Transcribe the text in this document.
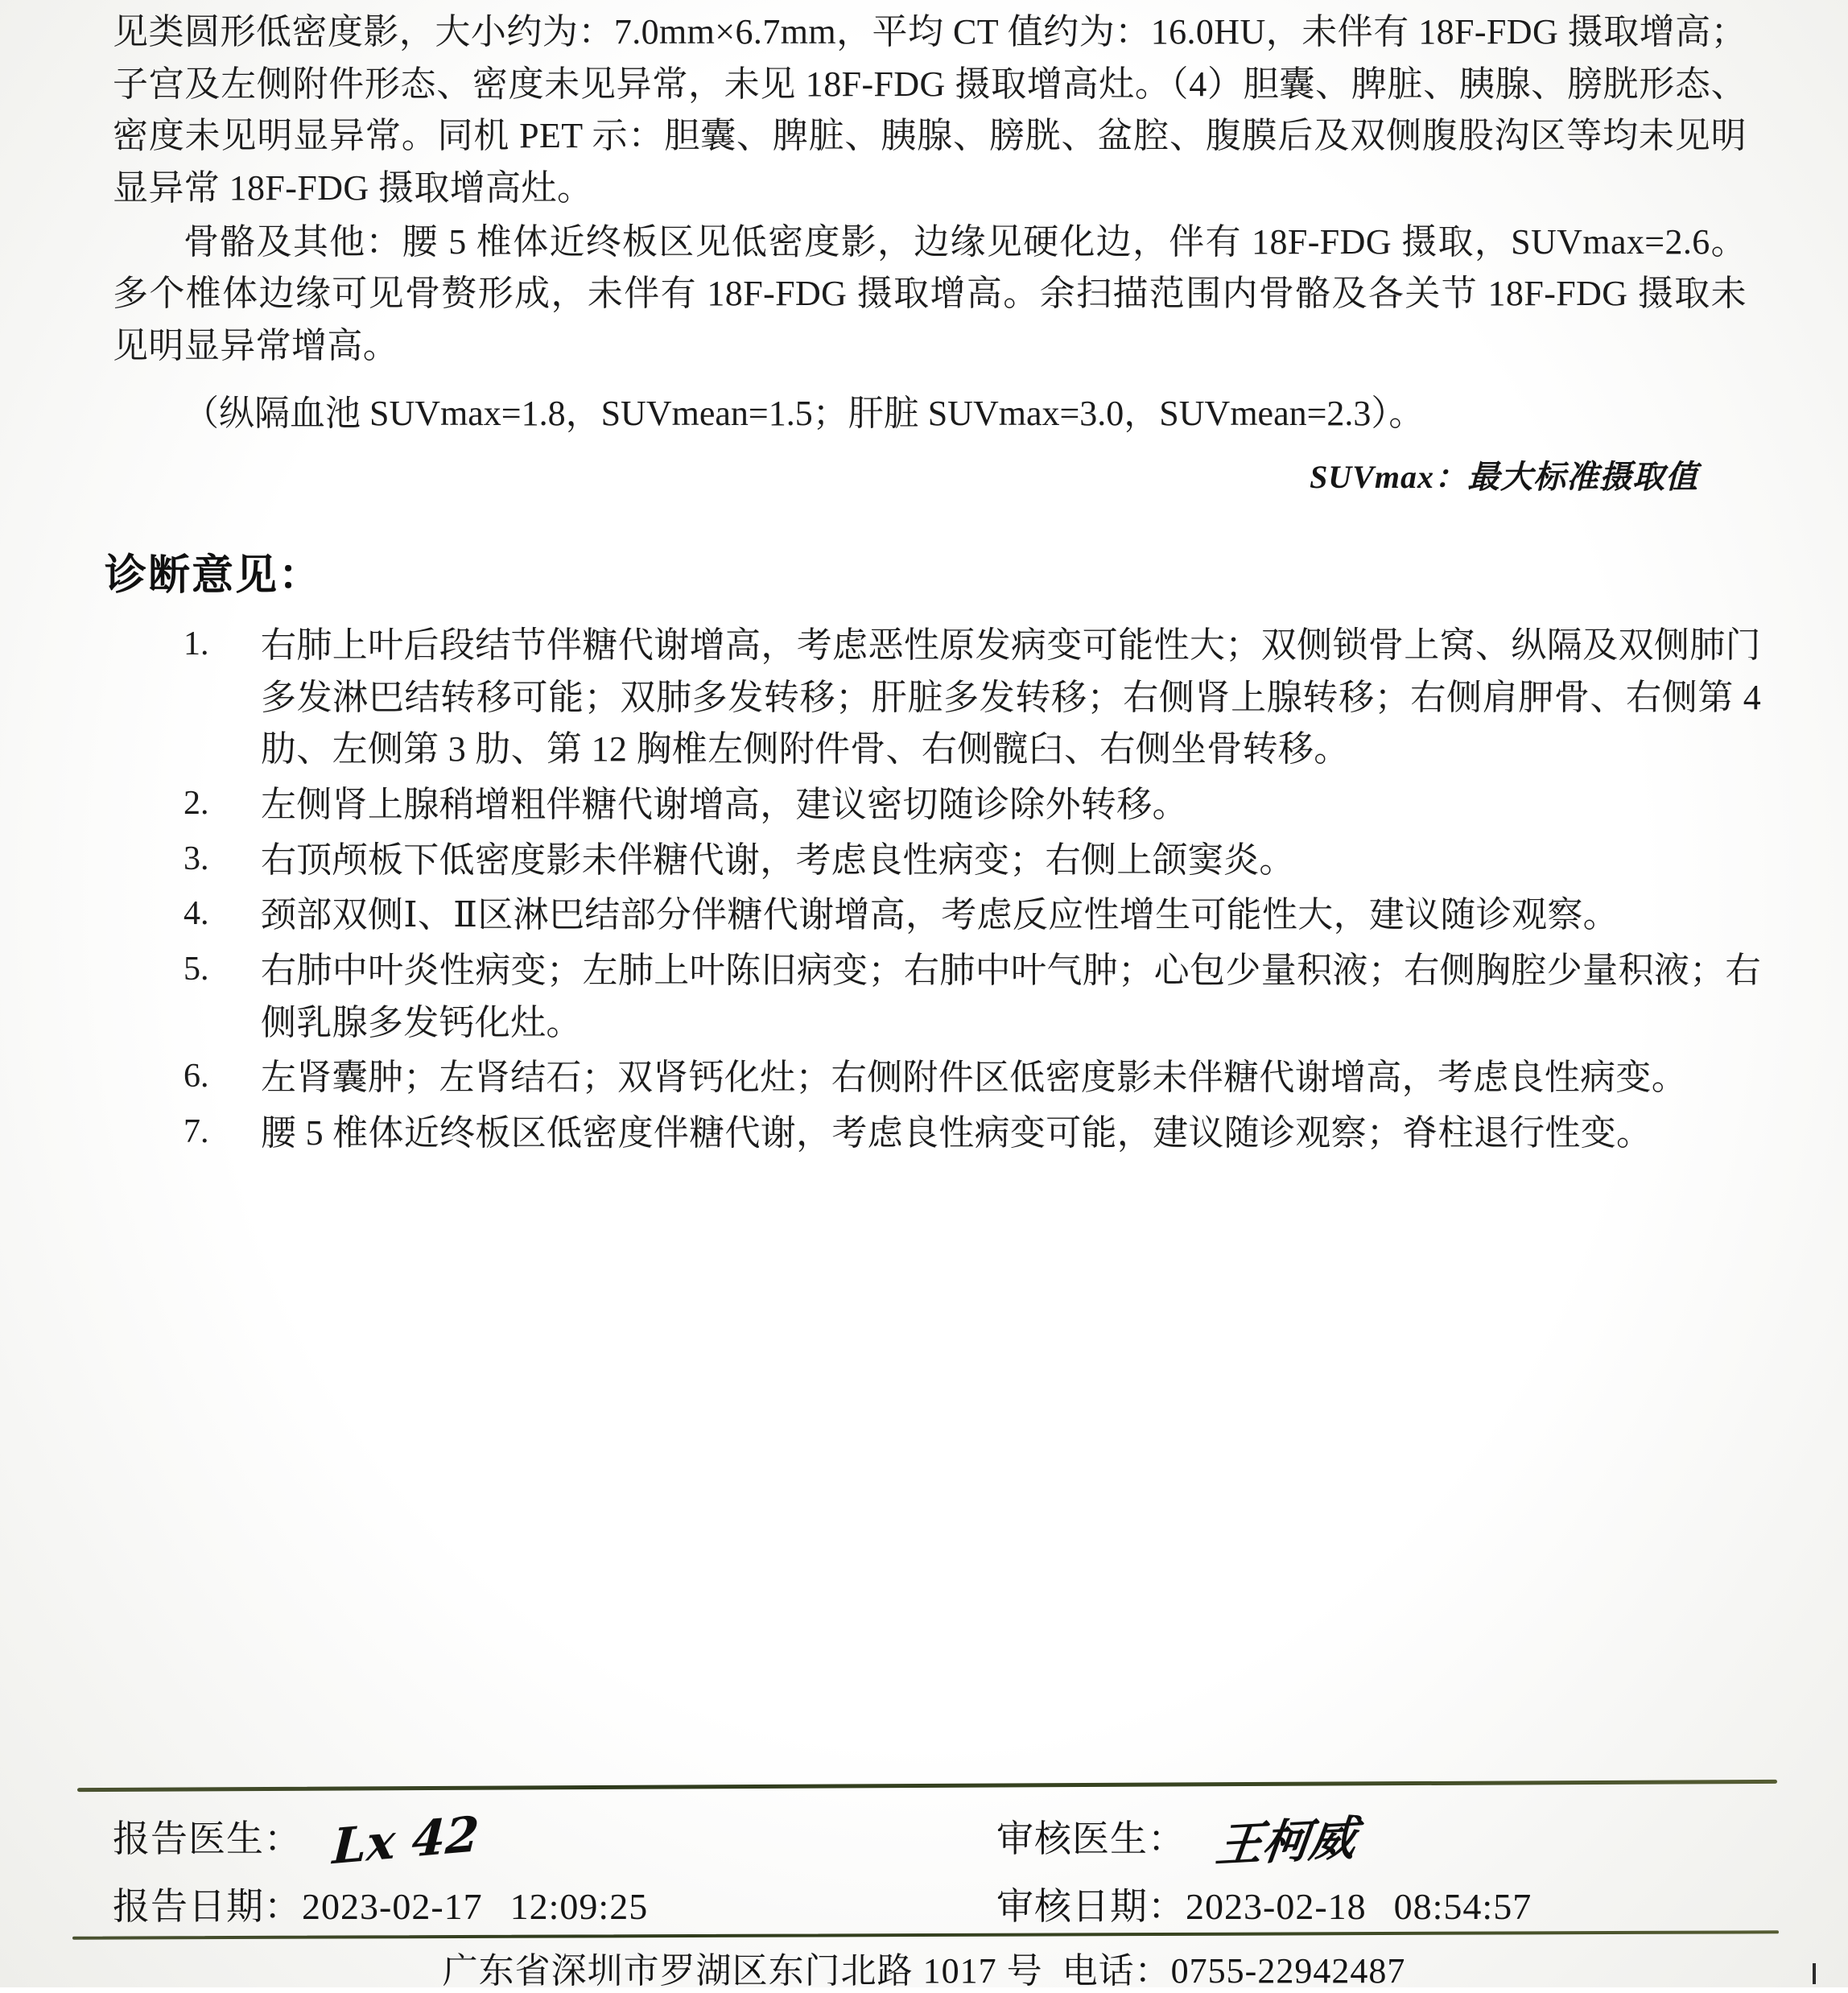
见类圆形低密度影，大小约为：7.0mm×6.7mm，平均 CT 值约为：16.0HU，未伴有 18F-FDG 摄取增高；子宫及左侧附件形态、密度未见异常，未见 18F-FDG 摄取增高灶。（4）胆囊、脾脏、胰腺、膀胱形态、密度未见明显异常。同机 PET 示：胆囊、脾脏、胰腺、膀胱、盆腔、腹膜后及双侧腹股沟区等均未见明显异常 18F-FDG 摄取增高灶。

骨骼及其他：腰 5 椎体近终板区见低密度影，边缘见硬化边，伴有 18F-FDG 摄取，SUVmax=2.6。多个椎体边缘可见骨赘形成，未伴有 18F-FDG 摄取增高。余扫描范围内骨骼及各关节 18F-FDG 摄取未见明显异常增高。

（纵隔血池 SUVmax=1.8，SUVmean=1.5；肝脏 SUVmax=3.0，SUVmean=2.3）。

SUVmax：最大标准摄取值

诊断意见：
1.	右肺上叶后段结节伴糖代谢增高，考虑恶性原发病变可能性大；双侧锁骨上窝、纵隔及双侧肺门多发淋巴结转移可能；双肺多发转移；肝脏多发转移；右侧肾上腺转移；右侧肩胛骨、右侧第 4 肋、左侧第 3 肋、第 12 胸椎左侧附件骨、右侧髋臼、右侧坐骨转移。
2.	左侧肾上腺稍增粗伴糖代谢增高，建议密切随诊除外转移。
3.	右顶颅板下低密度影未伴糖代谢，考虑良性病变；右侧上颌窦炎。
4.	颈部双侧Ⅰ、Ⅱ区淋巴结部分伴糖代谢增高，考虑反应性增生可能性大，建议随诊观察。
5.	右肺中叶炎性病变；左肺上叶陈旧病变；右肺中叶气肿；心包少量积液；右侧胸腔少量积液；右侧乳腺多发钙化灶。
6.	左肾囊肿；左肾结石；双肾钙化灶；右侧附件区低密度影未伴糖代谢增高，考虑良性病变。
7.	腰 5 椎体近终板区低密度伴糖代谢，考虑良性病变可能，建议随诊观察；脊柱退行性变。
报告医生： Lx 42	审核医生： 王柯威
报告日期：2023-02-17 12:09:25	审核日期：2023-02-18 08:54:57
广东省深圳市罗湖区东门北路 1017 号 电话：0755-22942487
